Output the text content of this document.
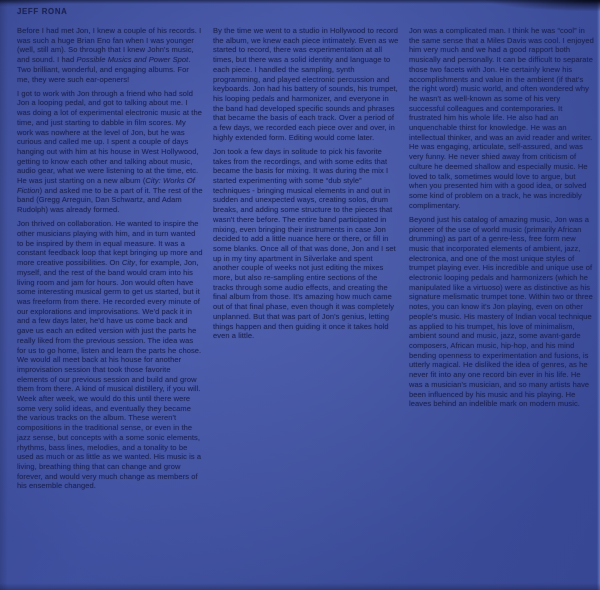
JEFF RONA

Before I had met Jon, I knew a couple of his records. I was such a huge Brian Eno fan when I was younger (well, still am). So through that I knew John's music, and sound. I had Possible Musics and Power Spot. Two brilliant, wonderful, and engaging albums. For me, they were such ear-openers!

I got to work with Jon through a friend who had sold Jon a looping pedal, and got to talking about me. I was doing a lot of experimental electronic music at the time, and just starting to dabble in film scores. My work was nowhere at the level of Jon, but he was curious and called me up. I spent a couple of days hanging out with him at his house in West Hollywood, getting to know each other and talking about music, audio gear, what we were listening to at the time, etc. He was just starting on a new album (City: Works Of Fiction) and asked me to be a part of it. The rest of the band (Gregg Arreguin, Dan Schwartz, and Adam Rudolph) was already formed.

Jon thrived on collaboration. He wanted to inspire the other musicians playing with him, and in turn wanted to be inspired by them in equal measure. It was a constant feedback loop that kept bringing up more and more creative possibilities. On City, for example, Jon, myself, and the rest of the band would cram into his living room and jam for hours. Jon would often have some interesting musical germ to get us started, but it was freeform from there. He recorded every minute of our explorations and improvisations. We'd pack it in and a few days later, he'd have us come back and gave us each an edited version with just the parts he really liked from the previous session. The idea was for us to go home, listen and learn the parts he chose. We would all meet back at his house for another improvisation session that took those favorite elements of our previous session and build and grow them from there. A kind of musical distillery, if you will. Week after week, we would do this until there were some very solid ideas, and eventually they became the various tracks on the album. These weren't compositions in the traditional sense, or even in the jazz sense, but concepts with a some sonic elements, rhythms, bass lines, melodies, and a tonality to be used as much or as little as we wanted. His music is a living, breathing thing that can change and grow forever, and would very much change as members of his ensemble changed.

By the time we went to a studio in Hollywood to record the album, we knew each piece intimately. Even as we started to record, there was experimentation at all times, but there was a solid identity and language to each piece. I handled the sampling, synth programming, and played electronic percussion and keyboards. Jon had his battery of sounds, his trumpet, his looping pedals and harmonizer, and everyone in the band had developed specific sounds and phrases that became the basis of each track. Over a period of a few days, we recorded each piece over and over, in highly extended form. Editing would come later.

Jon took a few days in solitude to pick his favorite takes from the recordings, and with some edits that became the basis for mixing. It was during the mix I started experimenting with some “dub style” techniques - bringing musical elements in and out in sudden and unexpected ways, creating solos, drum breaks, and adding some structure to the pieces that wasn't there before. The entire band participated in mixing, even bringing their instruments in case Jon decided to add a little nuance here or there, or fill in some blanks. Once all of that was done, Jon and I set up in my tiny apartment in Silverlake and spent another couple of weeks not just editing the mixes more, but also re-sampling entire sections of the tracks through some audio effects, and creating the final album from those. It's amazing how much came out of that final phase, even though it was completely unplanned. But that was part of Jon's genius, letting things happen and then guiding it once it takes hold even a little.

Jon was a complicated man. I think he was “cool” in the same sense that a Miles Davis was cool. I enjoyed him very much and we had a good rapport both musically and personally. It can be difficult to separate those two facets with Jon. He certainly knew his accomplishments and value in the ambient (if that's the right word) music world, and often wondered why he wasn't as well-known as some of his very successful colleagues and contemporaries. It frustrated him his whole life. He also had an unquenchable thirst for knowledge. He was an intellectual thinker, and was an avid reader and writer. He was engaging, articulate, self-assured, and was very funny. He never shied away from criticism of culture he deemed shallow and especially music. He loved to talk, sometimes would love to argue, but when you presented him with a good idea, or solved some kind of problem on a track, he was incredibly complimentary.

Beyond just his catalog of amazing music, Jon was a pioneer of the use of world music (primarily African drumming) as part of a genre-less, free form new music that incorporated elements of ambient, jazz, electronica, and one of the most unique styles of trumpet playing ever. His incredible and unique use of electronic looping pedals and harmonizers (which he manipulated like a virtuoso) were as distinctive as his signature melismatic trumpet tone. Within two or three notes, you can know it's Jon playing, even on other people's music. His mastery of Indian vocal technique as applied to his trumpet, his love of minimalism, ambient sound and music, jazz, some avant-garde composers, African music, hip-hop, and his mind bending openness to experimentation and fusions, is utterly magical. He disliked the idea of genres, as he never fit into any one record bin ever in his life. He was a musician's musician, and so many artists have been influenced by his music and his playing. He leaves behind an indelible mark on modern music.
